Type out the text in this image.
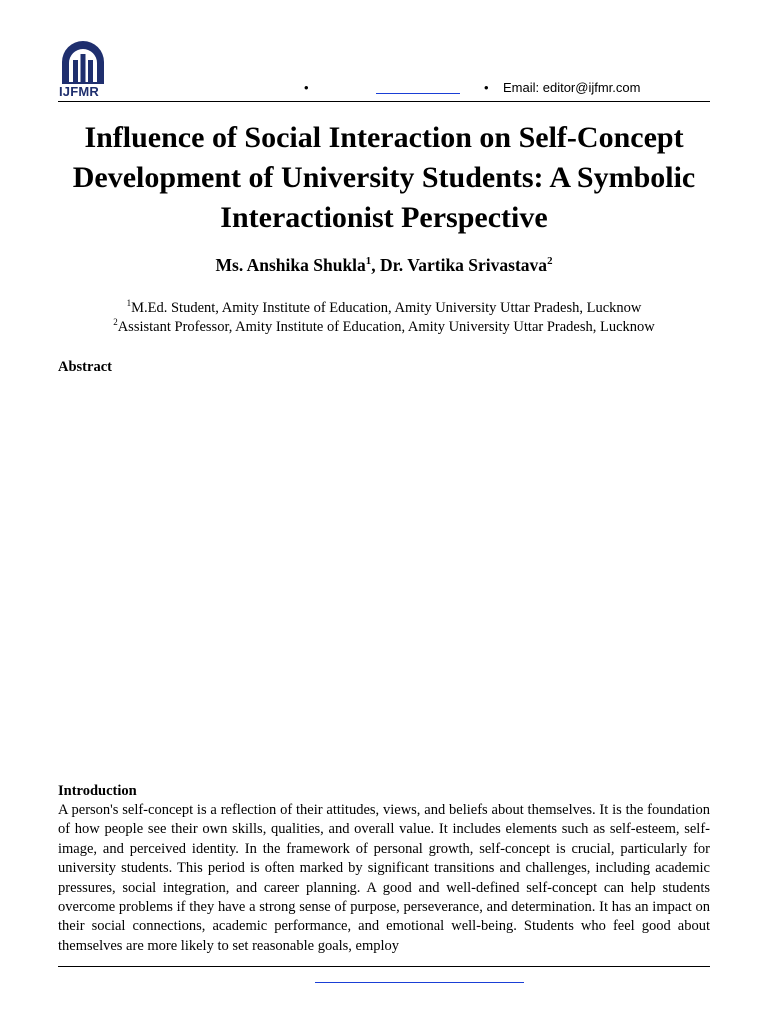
IJFMR	•	• Email: editor@ijfmr.com
Influence of Social Interaction on Self-Concept Development of University Students: A Symbolic Interactionist Perspective
Ms. Anshika Shukla$^1$, Dr. Vartika Srivastava$^2$
$^1$M.Ed. Student, Amity Institute of Education, Amity University Uttar Pradesh, Lucknow
$^2$Assistant Professor, Amity Institute of Education, Amity University Uttar Pradesh, Lucknow
Abstract
Introduction

A person's self-concept is a reflection of their attitudes, views, and beliefs about themselves. It is the foundation of how people see their own skills, qualities, and overall value. It includes elements such as self-esteem, self-image, and perceived identity. In the framework of personal growth, self-concept is crucial, particularly for university students. This period is often marked by significant transitions and challenges, including academic pressures, social integration, and career planning. A good and well-defined self-concept can help students overcome problems if they have a strong sense of purpose, perseverance, and determination. It has an impact on their social connections, academic performance, and emotional well-being. Students who feel good about themselves are more likely to set reasonable goals, employ
